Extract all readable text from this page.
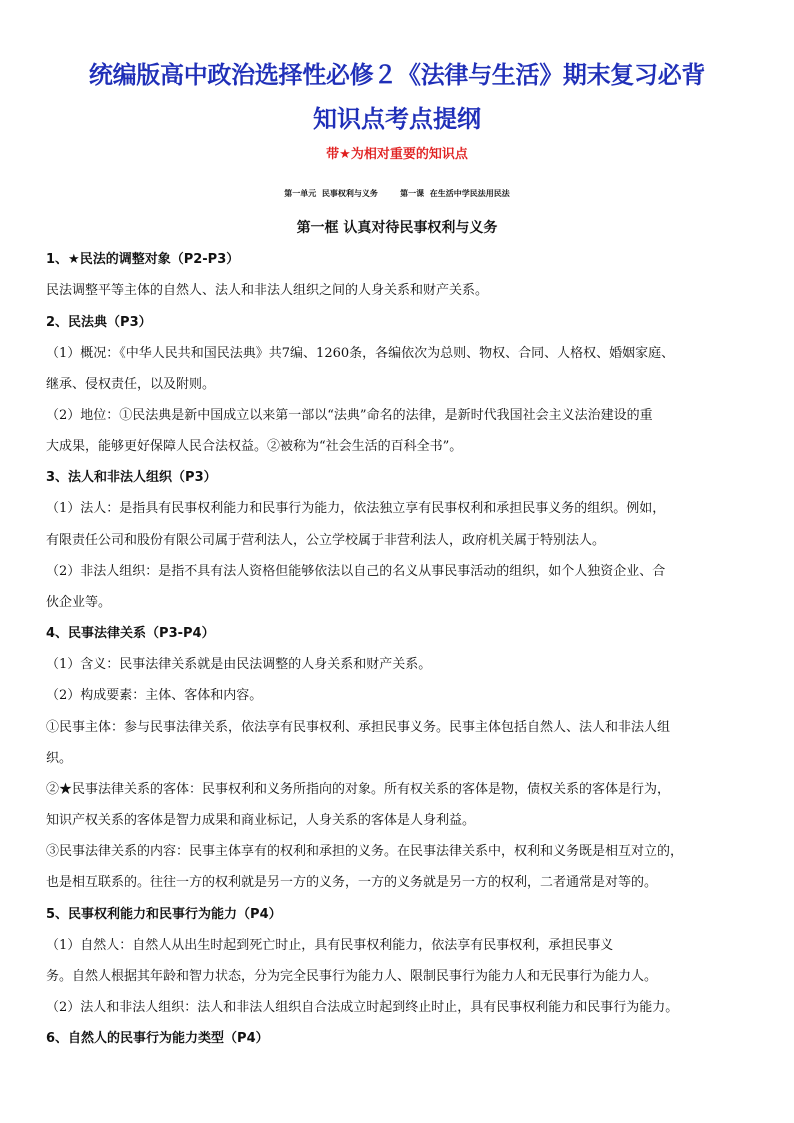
统编版高中政治选择性必修２《法律与生活》期末复习必背
知识点考点提纲
带★为相对重要的知识点
第一单元  民事权利与义务        第一课  在生活中学民法用民法
第一框 认真对待民事权利与义务
1、★民法的调整对象（P2-P3）
民法调整平等主体的自然人、法人和非法人组织之间的人身关系和财产关系。
2、民法典（P3）
（1）概况：《中华人民共和国民法典》共7编、1260条，各编依次为总则、物权、合同、人格权、婚姻家庭、
继承、侵权责任，以及附则。
（2）地位：①民法典是新中国成立以来第一部以“法典”命名的法律，是新时代我国社会主义法治建设的重
大成果，能够更好保障人民合法权益。②被称为“社会生活的百科全书”。
3、法人和非法人组织（P3）
（1）法人：是指具有民事权利能力和民事行为能力，依法独立享有民事权利和承担民事义务的组织。例如，
有限责任公司和股份有限公司属于营利法人，公立学校属于非营利法人，政府机关属于特别法人。
（2）非法人组织：是指不具有法人资格但能够依法以自己的名义从事民事活动的组织，如个人独资企业、合
伙企业等。
4、民事法律关系（P3-P4）
（1）含义：民事法律关系就是由民法调整的人身关系和财产关系。
（2）构成要素：主体、客体和内容。
①民事主体：参与民事法律关系，依法享有民事权利、承担民事义务。民事主体包括自然人、法人和非法人组
织。
②★民事法律关系的客体：民事权利和义务所指向的对象。所有权关系的客体是物，债权关系的客体是行为，
知识产权关系的客体是智力成果和商业标记，人身关系的客体是人身利益。
③民事法律关系的内容：民事主体享有的权利和承担的义务。在民事法律关系中，权利和义务既是相互对立的，
也是相互联系的。往往一方的权利就是另一方的义务，一方的义务就是另一方的权利，二者通常是对等的。
5、民事权利能力和民事行为能力（P4）
（1）自然人：自然人从出生时起到死亡时止，具有民事权利能力，依法享有民事权利，承担民事义
务。自然人根据其年龄和智力状态，分为完全民事行为能力人、限制民事行为能力人和无民事行为能力人。
（2）法人和非法人组织：法人和非法人组织自合法成立时起到终止时止，具有民事权利能力和民事行为能力。
6、自然人的民事行为能力类型（P4）
